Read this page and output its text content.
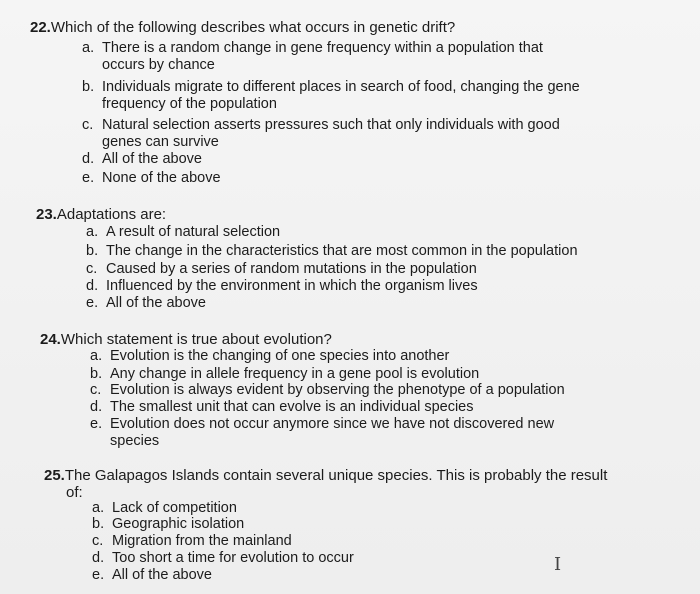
22. Which of the following describes what occurs in genetic drift?
a. There is a random change in gene frequency within a population that
occurs by chance
b. Individuals migrate to different places in search of food, changing the gene
frequency of the population
c. Natural selection asserts pressures such that only individuals with good
genes can survive
d. All of the above
e. None of the above
23. Adaptations are:
a. A result of natural selection
b. The change in the characteristics that are most common in the population
c. Caused by a series of random mutations in the population
d. Influenced by the environment in which the organism lives
e. All of the above
24. Which statement is true about evolution?
a. Evolution is the changing of one species into another
b. Any change in allele frequency in a gene pool is evolution
c. Evolution is always evident by observing the phenotype of a population
d. The smallest unit that can evolve is an individual species
e. Evolution does not occur anymore since we have not discovered new
species
25. The Galapagos Islands contain several unique species. This is probably the result
of:
a. Lack of competition
b. Geographic isolation
c. Migration from the mainland
d. Too short a time for evolution to occur
e. All of the above	I
